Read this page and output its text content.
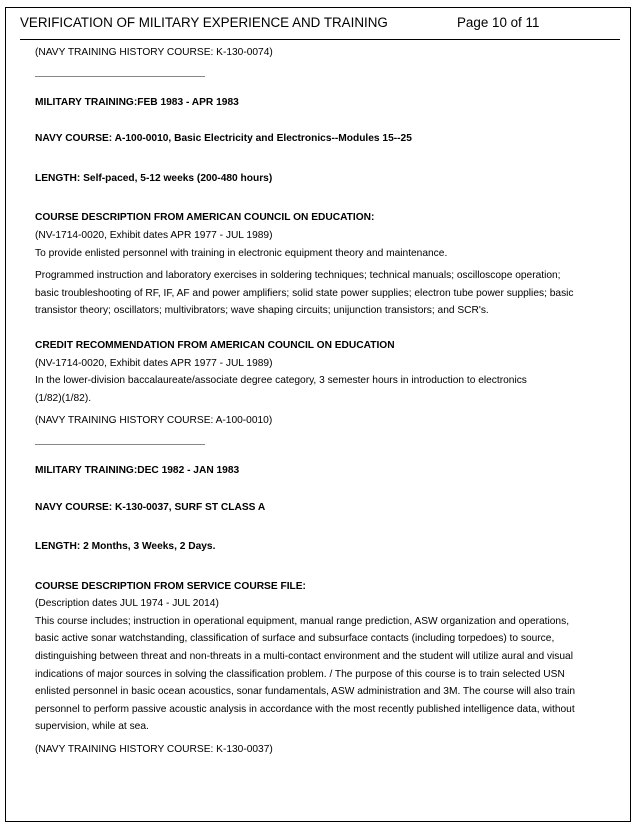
VERIFICATION OF MILITARY EXPERIENCE AND TRAINING	Page 10 of 11

(NAVY TRAINING HISTORY COURSE: K-130-0074)

MILITARY TRAINING:FEB 1983 - APR 1983

NAVY COURSE: A-100-0010, Basic Electricity and Electronics--Modules 15--25

LENGTH: Self-paced, 5-12 weeks (200-480 hours)

COURSE DESCRIPTION FROM AMERICAN COUNCIL ON EDUCATION:

(NV-1714-0020, Exhibit dates APR 1977 - JUL 1989)

To provide enlisted personnel with training in electronic equipment theory and maintenance.

Programmed instruction and laboratory exercises in soldering techniques; technical manuals; oscilloscope operation;

basic troubleshooting of RF, IF, AF and power amplifiers; solid state power supplies; electron tube power supplies; basic

transistor theory; oscillators; multivibrators; wave shaping circuits; unijunction transistors; and SCR's.

CREDIT RECOMMENDATION FROM AMERICAN COUNCIL ON EDUCATION

(NV-1714-0020, Exhibit dates APR 1977 - JUL 1989)

In the lower-division baccalaureate/associate degree category, 3 semester hours in introduction to electronics

(1/82)(1/82).

(NAVY TRAINING HISTORY COURSE: A-100-0010)

MILITARY TRAINING:DEC 1982 - JAN 1983

NAVY COURSE: K-130-0037, SURF ST CLASS A

LENGTH: 2 Months, 3 Weeks, 2 Days.

COURSE DESCRIPTION FROM SERVICE COURSE FILE:

(Description dates JUL 1974 - JUL 2014)

This course includes; instruction in operational equipment, manual range prediction, ASW organization and operations,

basic active sonar watchstanding, classification of surface and subsurface contacts (including torpedoes) to source,

distinguishing between threat and non-threats in a multi-contact environment and the student will utilize aural and visual

indications of major sources in solving the classification problem. / The purpose of this course is to train selected USN

enlisted personnel in basic ocean acoustics, sonar fundamentals, ASW administration and 3M. The course will also train

personnel to perform passive acoustic analysis in accordance with the most recently published intelligence data, without

supervision, while at sea.

(NAVY TRAINING HISTORY COURSE: K-130-0037)
